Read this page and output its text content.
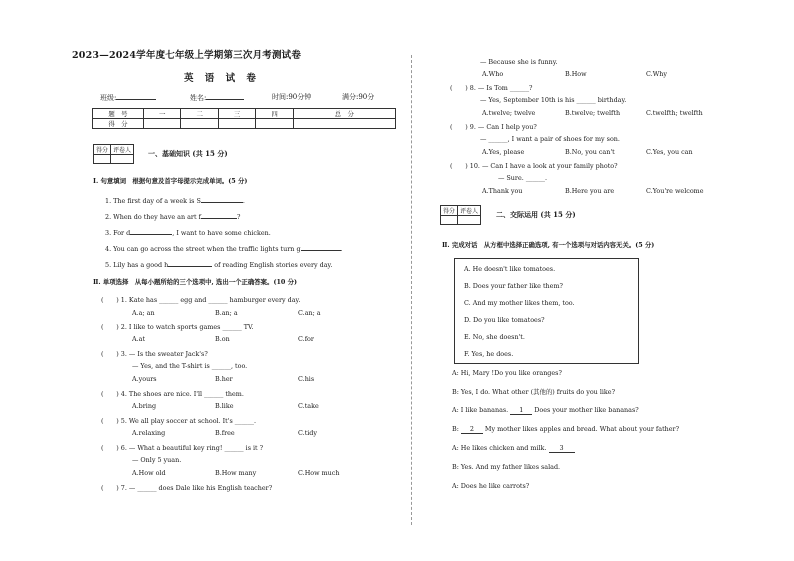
2023—2024学年度七年级上学期第三次月考测试卷
英 语 试 卷
班级:	姓名:	时间:90分钟	满分:90分
题　号	一	二	三	四	总　分
得　分					
得分	评卷人
	一、基础知识 (共 15 分)
Ⅰ. 句意填词　根据句意及首字母提示完成单词。(5 分)
1. The first day of a week is S	.
2. When do they have an art f	?
3. For d	, I want to have some chicken.
4. You can go across the street when the traffic lights turn g	.
5. Lily has a good h	of reading English stories every day.
Ⅱ. 单项选择　从每小题所给的三个选项中, 选出一个正确答案。(10 分)
(　　) 1. Kate has ______ egg and ______ hamburger every day.
A.a; an	B.an; a	C.an; a
(　　) 2. I like to watch sports games ______ TV.
A.at	B.on	C.for
(　　) 3. — Is the sweater Jack's?
— Yes, and the T-shirt is ______, too.
A.yours	B.her	C.his
(　　) 4. The shoes are nice. I'll ______ them.
A.bring	B.like	C.take
(　　) 5. We all play soccer at school. It's ______.
A.relaxing	B.free	C.tidy
(　　) 6. — What a beautiful key ring! ______ is it ?
— Only 5 yuan.
A.How old	B.How many	C.How much
(　　) 7. — ______ does Dale like his English teacher?
— Because she is funny.
A.Who	B.How	C.Why
(　　) 8. — Is Tom ______?
— Yes, September 10th is his ______ birthday.
A.twelve; twelve	B.twelve; twelfth	C.twelfth; twelfth
(　　) 9. — Can I help you?
— ______, I want a pair of shoes for my son.
A.Yes, please	B.No, you can't	C.Yes, you can
(　　) 10. — Can I have a look at your family photo?
— Sure. ______.
A.Thank you	B.Here you are	C.You're welcome
得分	评卷人
		二、交际运用 (共 15 分)
Ⅱ. 完成对话　从方框中选择正确选项, 有一个选项与对话内容无关。(5 分)
A. He doesn't like tomatoes.
B. Does your father like them?
C. And my mother likes them, too.
D. Do you like tomatoes?
E. No, she doesn't.
F. Yes, he does.
A: Hi, Mary !Do you like oranges?
B: Yes, I do. What other (其他的) fruits do you like?
A: I like bananas. 1 Does your mother like bananas?
B: 2 My mother likes apples and bread. What about your father?
A: He likes chicken and milk. 3
B: Yes. And my father likes salad.
A: Does he like carrots?
